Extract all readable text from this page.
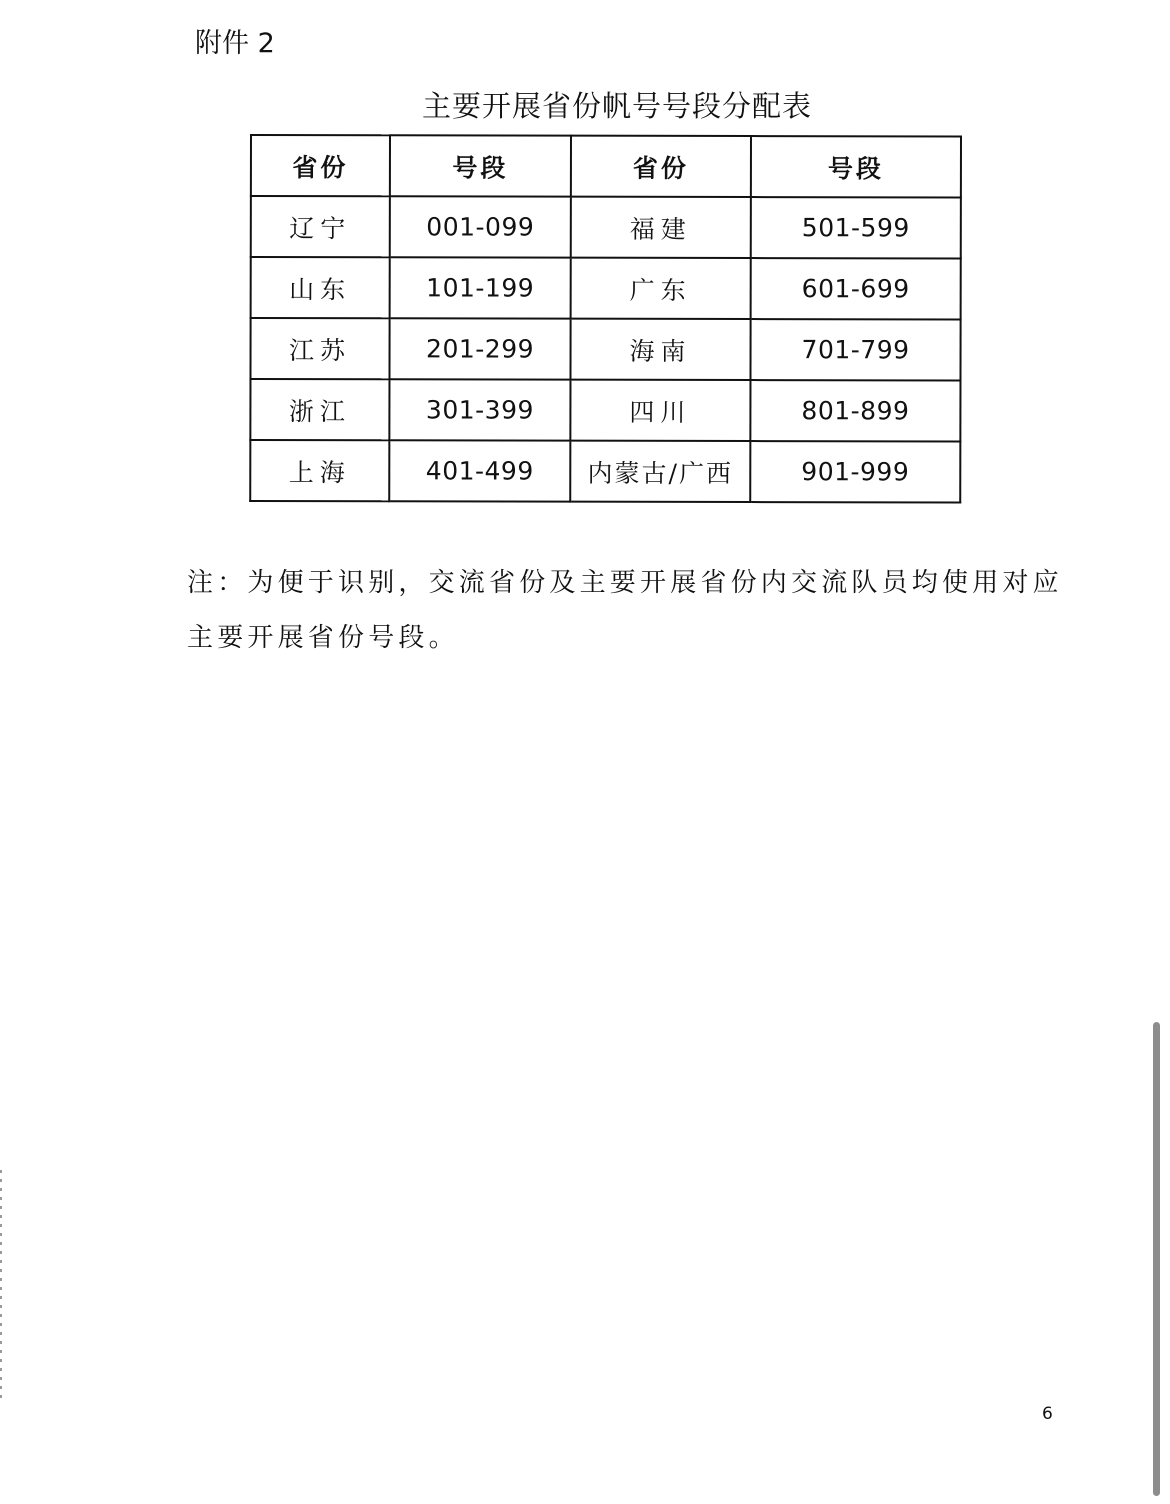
附件 2
主要开展省份帆号号段分配表
省份	号段	省份	号段
辽宁	001-099	福建	501-599
山东	101-199	广东	601-699
江苏	201-299	海南	701-799
浙江	301-399	四川	801-899
上海	401-499	内蒙古/广西	901-999
注：为便于识别，交流省份及主要开展省份内交流队员均使用对应主要开展省份号段。
6
